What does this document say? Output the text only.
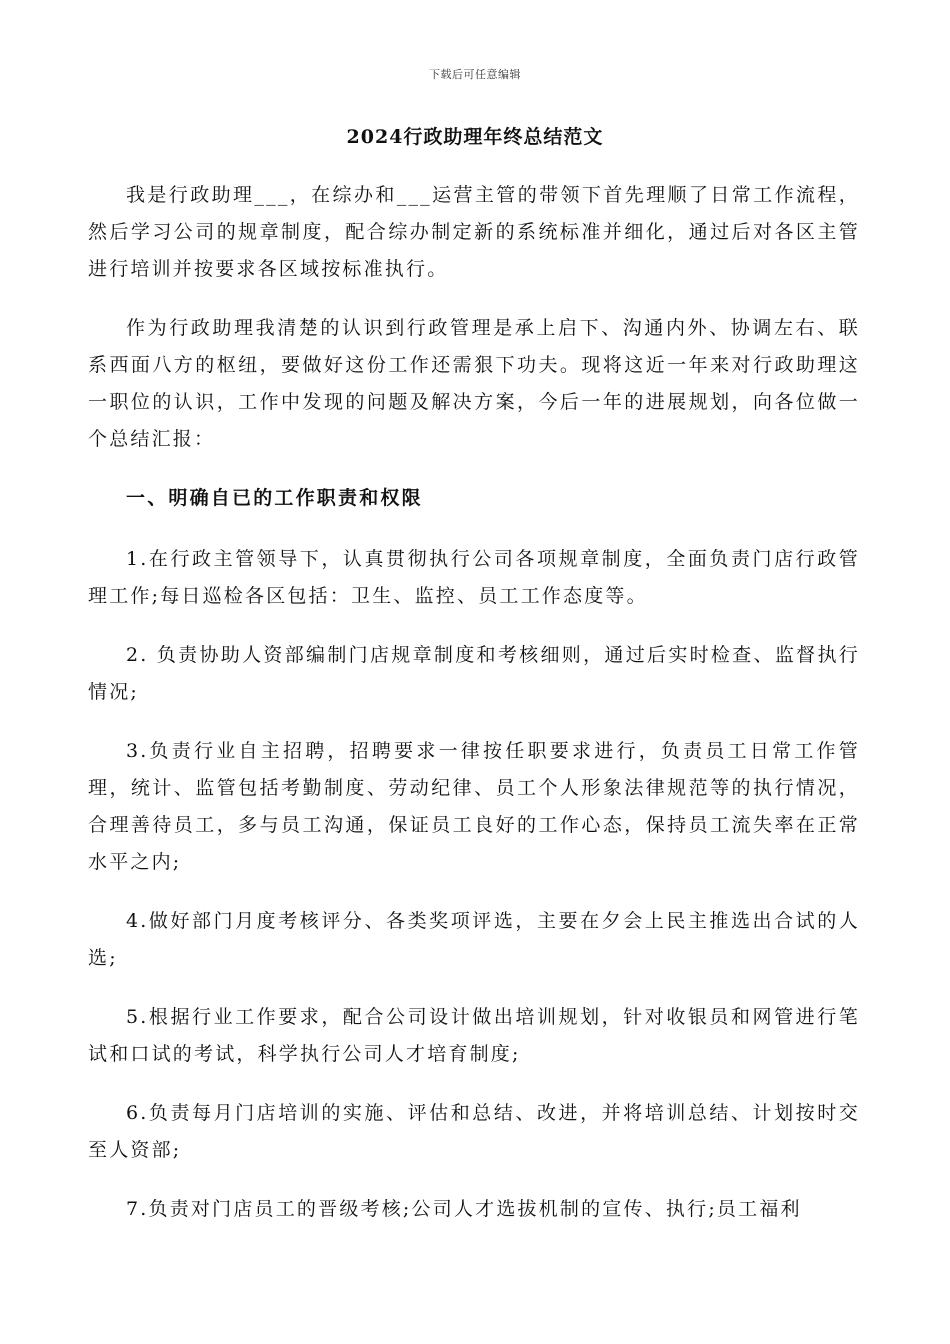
下载后可任意编辑
2024行政助理年终总结范文

我是行政助理___，在综办和___运营主管的带领下首先理顺了日常工作流程，然后学习公司的规章制度，配合综办制定新的系统标准并细化，通过后对各区主管进行培训并按要求各区域按标准执行。

作为行政助理我清楚的认识到行政管理是承上启下、沟通内外、协调左右、联系西面八方的枢纽，要做好这份工作还需狠下功夫。现将这近一年来对行政助理这一职位的认识，工作中发现的问题及解决方案，今后一年的进展规划，向各位做一个总结汇报：

一、明确自已的工作职责和权限

1.在行政主管领导下，认真贯彻执行公司各项规章制度，全面负责门店行政管理工作;每日巡检各区包括：卫生、监控、员工工作态度等。

2. 负责协助人资部编制门店规章制度和考核细则，通过后实时检查、监督执行情况;

3.负责行业自主招聘，招聘要求一律按任职要求进行，负责员工日常工作管理，统计、监管包括考勤制度、劳动纪律、员工个人形象法律规范等的执行情况，合理善待员工，多与员工沟通，保证员工良好的工作心态，保持员工流失率在正常水平之内;

4.做好部门月度考核评分、各类奖项评选，主要在夕会上民主推选出合试的人选;

5.根据行业工作要求，配合公司设计做出培训规划，针对收银员和网管进行笔试和口试的考试，科学执行公司人才培育制度;

6.负责每月门店培训的实施、评估和总结、改进，并将培训总结、计划按时交至人资部;

7.负责对门店员工的晋级考核;公司人才选拔机制的宣传、执行;员工福利
